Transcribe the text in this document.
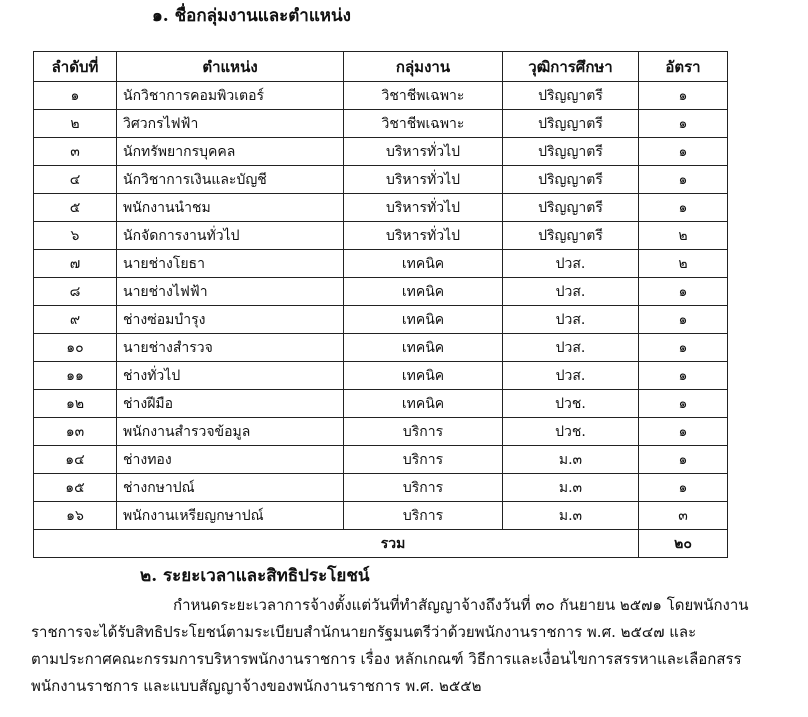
๑. ชื่อกลุ่มงานและตำแหน่ง
ลำดับที่	ตำแหน่ง	กลุ่มงาน	วุฒิการศึกษา	อัตรา
๑	นักวิชาการคอมพิวเตอร์	วิชาชีพเฉพาะ	ปริญญาตรี	๑
๒	วิศวกรไฟฟ้า	วิชาชีพเฉพาะ	ปริญญาตรี	๑
๓	นักทรัพยากรบุคคล	บริหารทั่วไป	ปริญญาตรี	๑
๔	นักวิชาการเงินและบัญชี	บริหารทั่วไป	ปริญญาตรี	๑
๕	พนักงานนำชม	บริหารทั่วไป	ปริญญาตรี	๑
๖	นักจัดการงานทั่วไป	บริหารทั่วไป	ปริญญาตรี	๒
๗	นายช่างโยธา	เทคนิค	ปวส.	๒
๘	นายช่างไฟฟ้า	เทคนิค	ปวส.	๑
๙	ช่างซ่อมบำรุง	เทคนิค	ปวส.	๑
๑๐	นายช่างสำรวจ	เทคนิค	ปวส.	๑
๑๑	ช่างทั่วไป	เทคนิค	ปวส.	๑
๑๒	ช่างฝีมือ	เทคนิค	ปวช.	๑
๑๓	พนักงานสำรวจข้อมูล	บริการ	ปวช.	๑
๑๔	ช่างทอง	บริการ	ม.๓	๑
๑๕	ช่างกษาปณ์	บริการ	ม.๓	๑
๑๖	พนักงานเหรียญกษาปณ์	บริการ	ม.๓	๓
รวม				๒๐
๒. ระยะเวลาและสิทธิประโยชน์

กำหนดระยะเวลาการจ้างตั้งแต่วันที่ทำสัญญาจ้างถึงวันที่ ๓๐ กันยายน ๒๕๗๑ โดยพนักงาน

ราชการจะได้รับสิทธิประโยชน์ตามระเบียบสำนักนายกรัฐมนตรีว่าด้วยพนักงานราชการ พ.ศ. ๒๕๔๗ และ

ตามประกาศคณะกรรมการบริหารพนักงานราชการ เรื่อง หลักเกณฑ์ วิธีการและเงื่อนไขการสรรหาและเลือกสรร

พนักงานราชการ และแบบสัญญาจ้างของพนักงานราชการ พ.ศ. ๒๕๕๒
